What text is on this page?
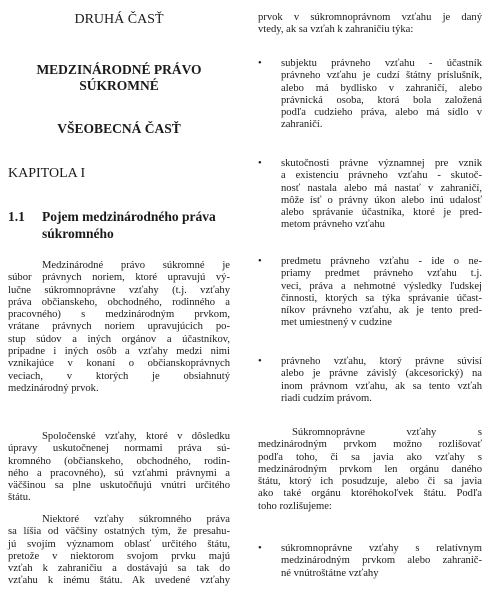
DRUHÁ ČASŤ
MEDZINÁRODNÉ PRÁVO
SÚKROMNÉ
VŠEOBECNÁ ČASŤ
KAPITOLA I
1.1 Pojem medzinárodného práva
súkromného
Medzinárodné právo súkromné je
súbor právnych noriem, ktoré upravujú vý-
lučne súkromnoprávne vzťahy (t.j. vzťahy
práva občianskeho, obchodného, rodinného a
pracovného) s medzinárodným prvkom,
vrátane právnych noriem upravujúcich po-
stup súdov a iných orgánov a účastníkov,
prípadne i iných osôb a vzťahy medzi nimi
vznikajúce v konaní o občianskoprávnych
veciach, v ktorých je obsiahnutý
medzinárodný prvok.
Spoločenské vzťahy, ktoré v dôsledku
úpravy uskutočnenej normami práva sú-
kromného (občianskeho, obchodného, rodin-
ného a pracovného), sú vzťahmi právnymi a
väčšinou sa plne uskutočňujú vnútri určitého
štátu.
Niektoré vzťahy súkromného práva
sa líšia od väčšiny ostatných tým, že presahu-
jú svojím významom oblasť určitého štátu,
pretože v niektorom svojom prvku majú
vzťah k zahraničiu a dostávajú sa tak do
vzťahu k inému štátu. Ak uvedené vzťahy
prvok v súkromnoprávnom vzťahu je daný
vtedy, ak sa vzťah k zahraničiu týka:
• subjektu právneho vzťahu - účastník
právneho vzťahu je cudzí štátny príslušník,
alebo má bydlisko v zahraničí, alebo
právnická osoba, ktorá bola založená
podľa cudzieho práva, alebo má sídlo v
zahraničí.
• skutočnosti právne významnej pre vznik
a existenciu právneho vzťahu - skutoč-
nosť nastala alebo má nastať v zahraničí,
môže ísť o právny úkon alebo inú udalosť
alebo správanie účastníka, ktoré je pred-
metom právneho vzťahu
• predmetu právneho vzťahu - ide o ne-
priamy predmet právneho vzťahu t.j.
veci, práva a nehmotné výsledky ľudskej
činnosti, ktorých sa týka správanie účast-
níkov právneho vzťahu, ak je tento pred-
met umiestnený v cudzine
• právneho vzťahu, ktorý právne súvisí
alebo je právne závislý (akcesorický) na
inom právnom vzťahu, ak sa tento vzťah
riadi cudzím právom.
Súkromnoprávne vzťahy s
medzinárodným prvkom možno rozlišovať
podľa toho, či sa javia ako vzťahy s
medzinárodným prvkom len orgánu daného
štátu, ktorý ich posudzuje, alebo či sa javia
ako také orgánu ktoréhokoľvek štátu. Podľa
toho rozlišujeme:
• súkromnoprávne vzťahy s relatívnym
medzinárodným prvkom alebo zahranič-
né vnútroštátne vzťahy
